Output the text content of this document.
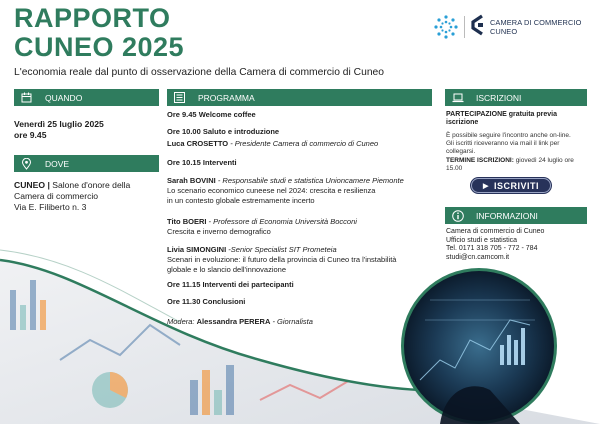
RAPPORTO
CUNEO 2025
L'economia reale dal punto di osservazione della Camera di commercio di Cuneo
CAMERA DI COMMERCIO
CUNEO
QUANDO
Venerdì 25 luglio 2025
ore 9.45
DOVE
CUNEO | Salone d'onore della
Camera di commercio
Via E. Filiberto n. 3
PROGRAMMA
Ore 9.45 Welcome coffee
Ore 10.00 Saluto e introduzione
Luca CROSETTO - Presidente Camera di commercio di Cuneo
Ore 10.15 Interventi
Sarah BOVINI - Responsabile studi e statistica Unioncamere Piemonte
Lo scenario economico cuneese nel 2024: crescita e resilienza
in un contesto globale estremamente incerto
Tito BOERI - Professore di Economia Università Bocconi
Crescita e inverno demografico
Livia SIMONGINI -Senior Specialist SIT Prometeia
Scenari in evoluzione: il futuro della provincia di Cuneo tra l'instabilità
globale e lo slancio dell'innovazione
Ore 11.15 Interventi dei partecipanti
Ore 11.30 Conclusioni
Modera: Alessandra PERERA - Giornalista
ISCRIZIONI
PARTECIPAZIONE gratuita previa
iscrizione
È possibile seguire l'incontro anche on-line.
Gli iscritti riceveranno via mail il link per
collegarsi.
TERMINE ISCRIZIONI: giovedì 24 luglio ore
15.00
▶ ISCRIVITI
INFORMAZIONI
Camera di commercio di Cuneo
Ufficio studi e statistica
Tel. 0171 318 705 - 772 - 784
studi@cn.camcom.it
